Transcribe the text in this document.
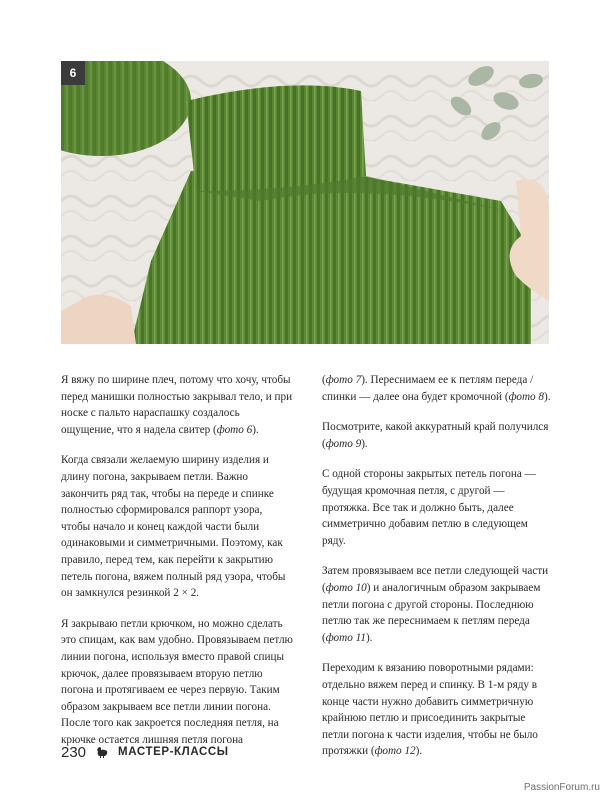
6

Я вяжу по ширине плеч, потому что хочу, чтобы перед манишки полностью закрывал тело, и при носке с пальто нараспашку создалось ощущение, что я надела свитер (фото 6).

Когда связали желаемую ширину изделия и длину погона, закрываем петли. Важно закончить ряд так, чтобы на переде и спинке полностью сформировался раппорт узора, чтобы начало и конец каждой части были одинаковыми и симметричными. Поэтому, как правило, перед тем, как перейти к закрытию петель погона, вяжем полный ряд узора, чтобы он замкнулся резинкой 2 × 2.

Я закрываю петли крючком, но можно сделать это спицам, как вам удобно. Провязываем петлю линии погона, используя вместо правой спицы крючок, далее провязываем вторую петлю погона и протягиваем ее через первую. Таким образом закрываем все петли линии погона. После того как закроется последняя петля, на крючке остается лишняя петля погона

(фото 7). Переснимаем ее к петлям переда / спинки — далее она будет кромочной (фото 8).

Посмотрите, какой аккуратный край получился (фото 9).

С одной стороны закрытых петель погона — будущая кромочная петля, с другой — протяжка. Все так и должно быть, далее симметрично добавим петлю в следующем ряду.

Затем провязываем все петли следующей части (фото 10) и аналогичным образом закрываем петли погона с другой стороны. Последнюю петлю так же переснимаем к петлям переда (фото 11).

Переходим к вязанию поворотными рядами: отдельно вяжем перед и спинку. В 1-м ряду в конце части нужно добавить симметричную крайнюю петлю и присоединить закрытые петли погона к части изделия, чтобы не было протяжки (фото 12).

230	МАСТЕР-КЛАССЫ
PassionForum.ru
